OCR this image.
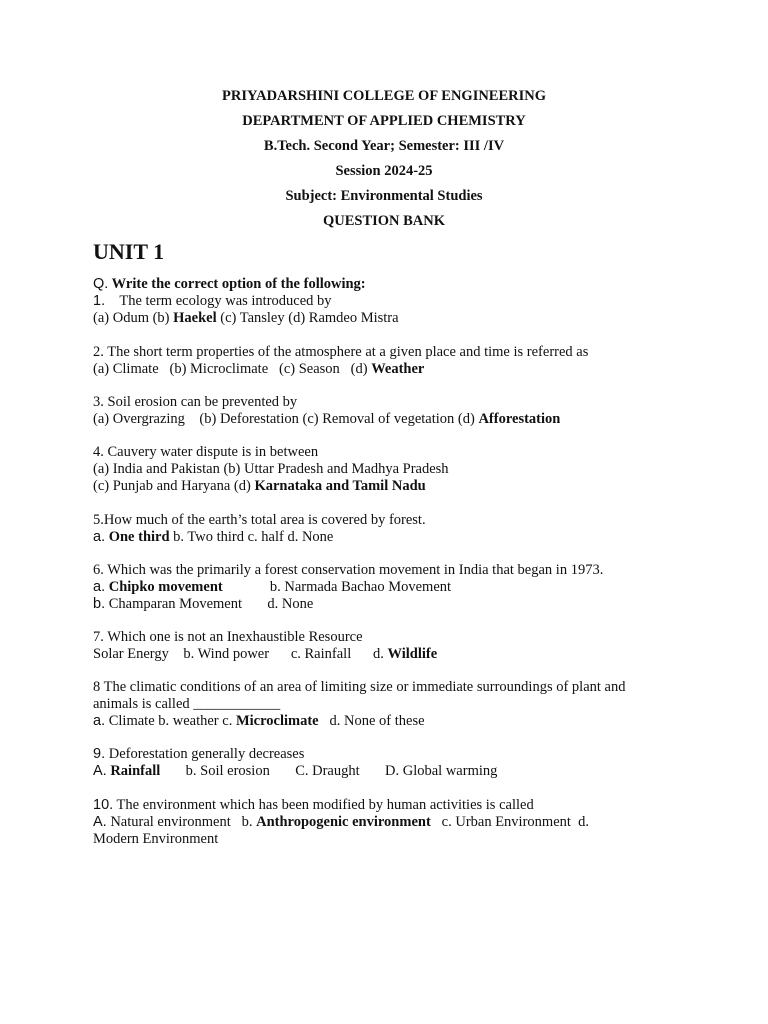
PRIYADARSHINI COLLEGE OF ENGINEERING
DEPARTMENT OF APPLIED CHEMISTRY
B.Tech. Second Year; Semester: III /IV
Session 2024-25
Subject: Environmental Studies
QUESTION BANK
UNIT 1
Q. Write the correct option of the following:
1.    The term ecology was introduced by
(a) Odum (b) Haekel (c) Tansley (d) Ramdeo Mistra
2. The short term properties of the atmosphere at a given place and time is referred as
(a) Climate   (b) Microclimate   (c) Season   (d) Weather
3. Soil erosion can be prevented by
(a) Overgrazing    (b) Deforestation (c) Removal of vegetation (d) Afforestation
4. Cauvery water dispute is in between
(a) India and Pakistan (b) Uttar Pradesh and Madhya Pradesh
(c) Punjab and Haryana (d) Karnataka and Tamil Nadu
5.How much of the earth’s total area is covered by forest.
a. One third b. Two third c. half d. None
6. Which was the primarily a forest conservation movement in India that began in 1973.
a. Chipko movement             b. Narmada Bachao Movement
b. Champaran Movement       d. None
7. Which one is not an Inexhaustible Resource
Solar Energy    b. Wind power      c. Rainfall      d. Wildlife
8 The climatic conditions of an area of limiting size or immediate surroundings of plant and
animals is called ____________
a. Climate b. weather c. Microclimate   d. None of these
9. Deforestation generally decreases
A. Rainfall       b. Soil erosion       C. Draught       D. Global warming
10. The environment which has been modified by human activities is called
A. Natural environment   b. Anthropogenic environment   c. Urban Environment  d.
Modern Environment
